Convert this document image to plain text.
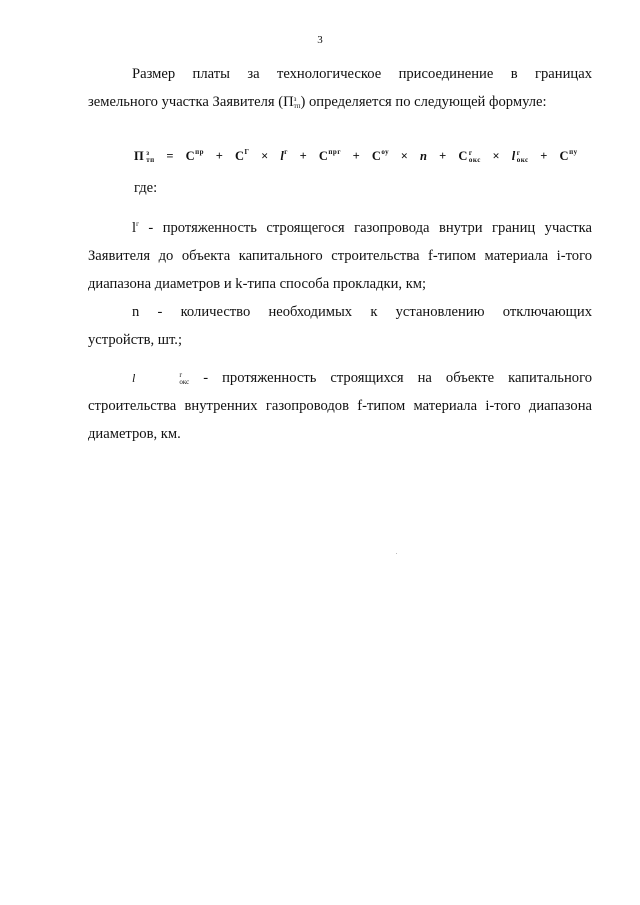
3
Размер платы за технологическое присоединение в границах
земельного участка Заявителя (П з
тп ) определяется по следующей формуле:
П з
тп = $С^{пр} + С^Г \times l^г + С^{прг} + С^{оу} \times n + С$ г
окс × l г
окс + $С^{пу}$
где:
$l^г$ - протяженность строящегося газопровода внутри границ участка
Заявителя до объекта капитального строительства f-типом материала i-того
диапазона диаметров и k-типа способа прокладки, км;
n - количество необходимых к установлению отключающих
устройств, шт.;
l	г
окс - протяженность строящихся на объекте капитального
строительства внутренних газопроводов f-типом материала i-того диапазона
диаметров, км.
